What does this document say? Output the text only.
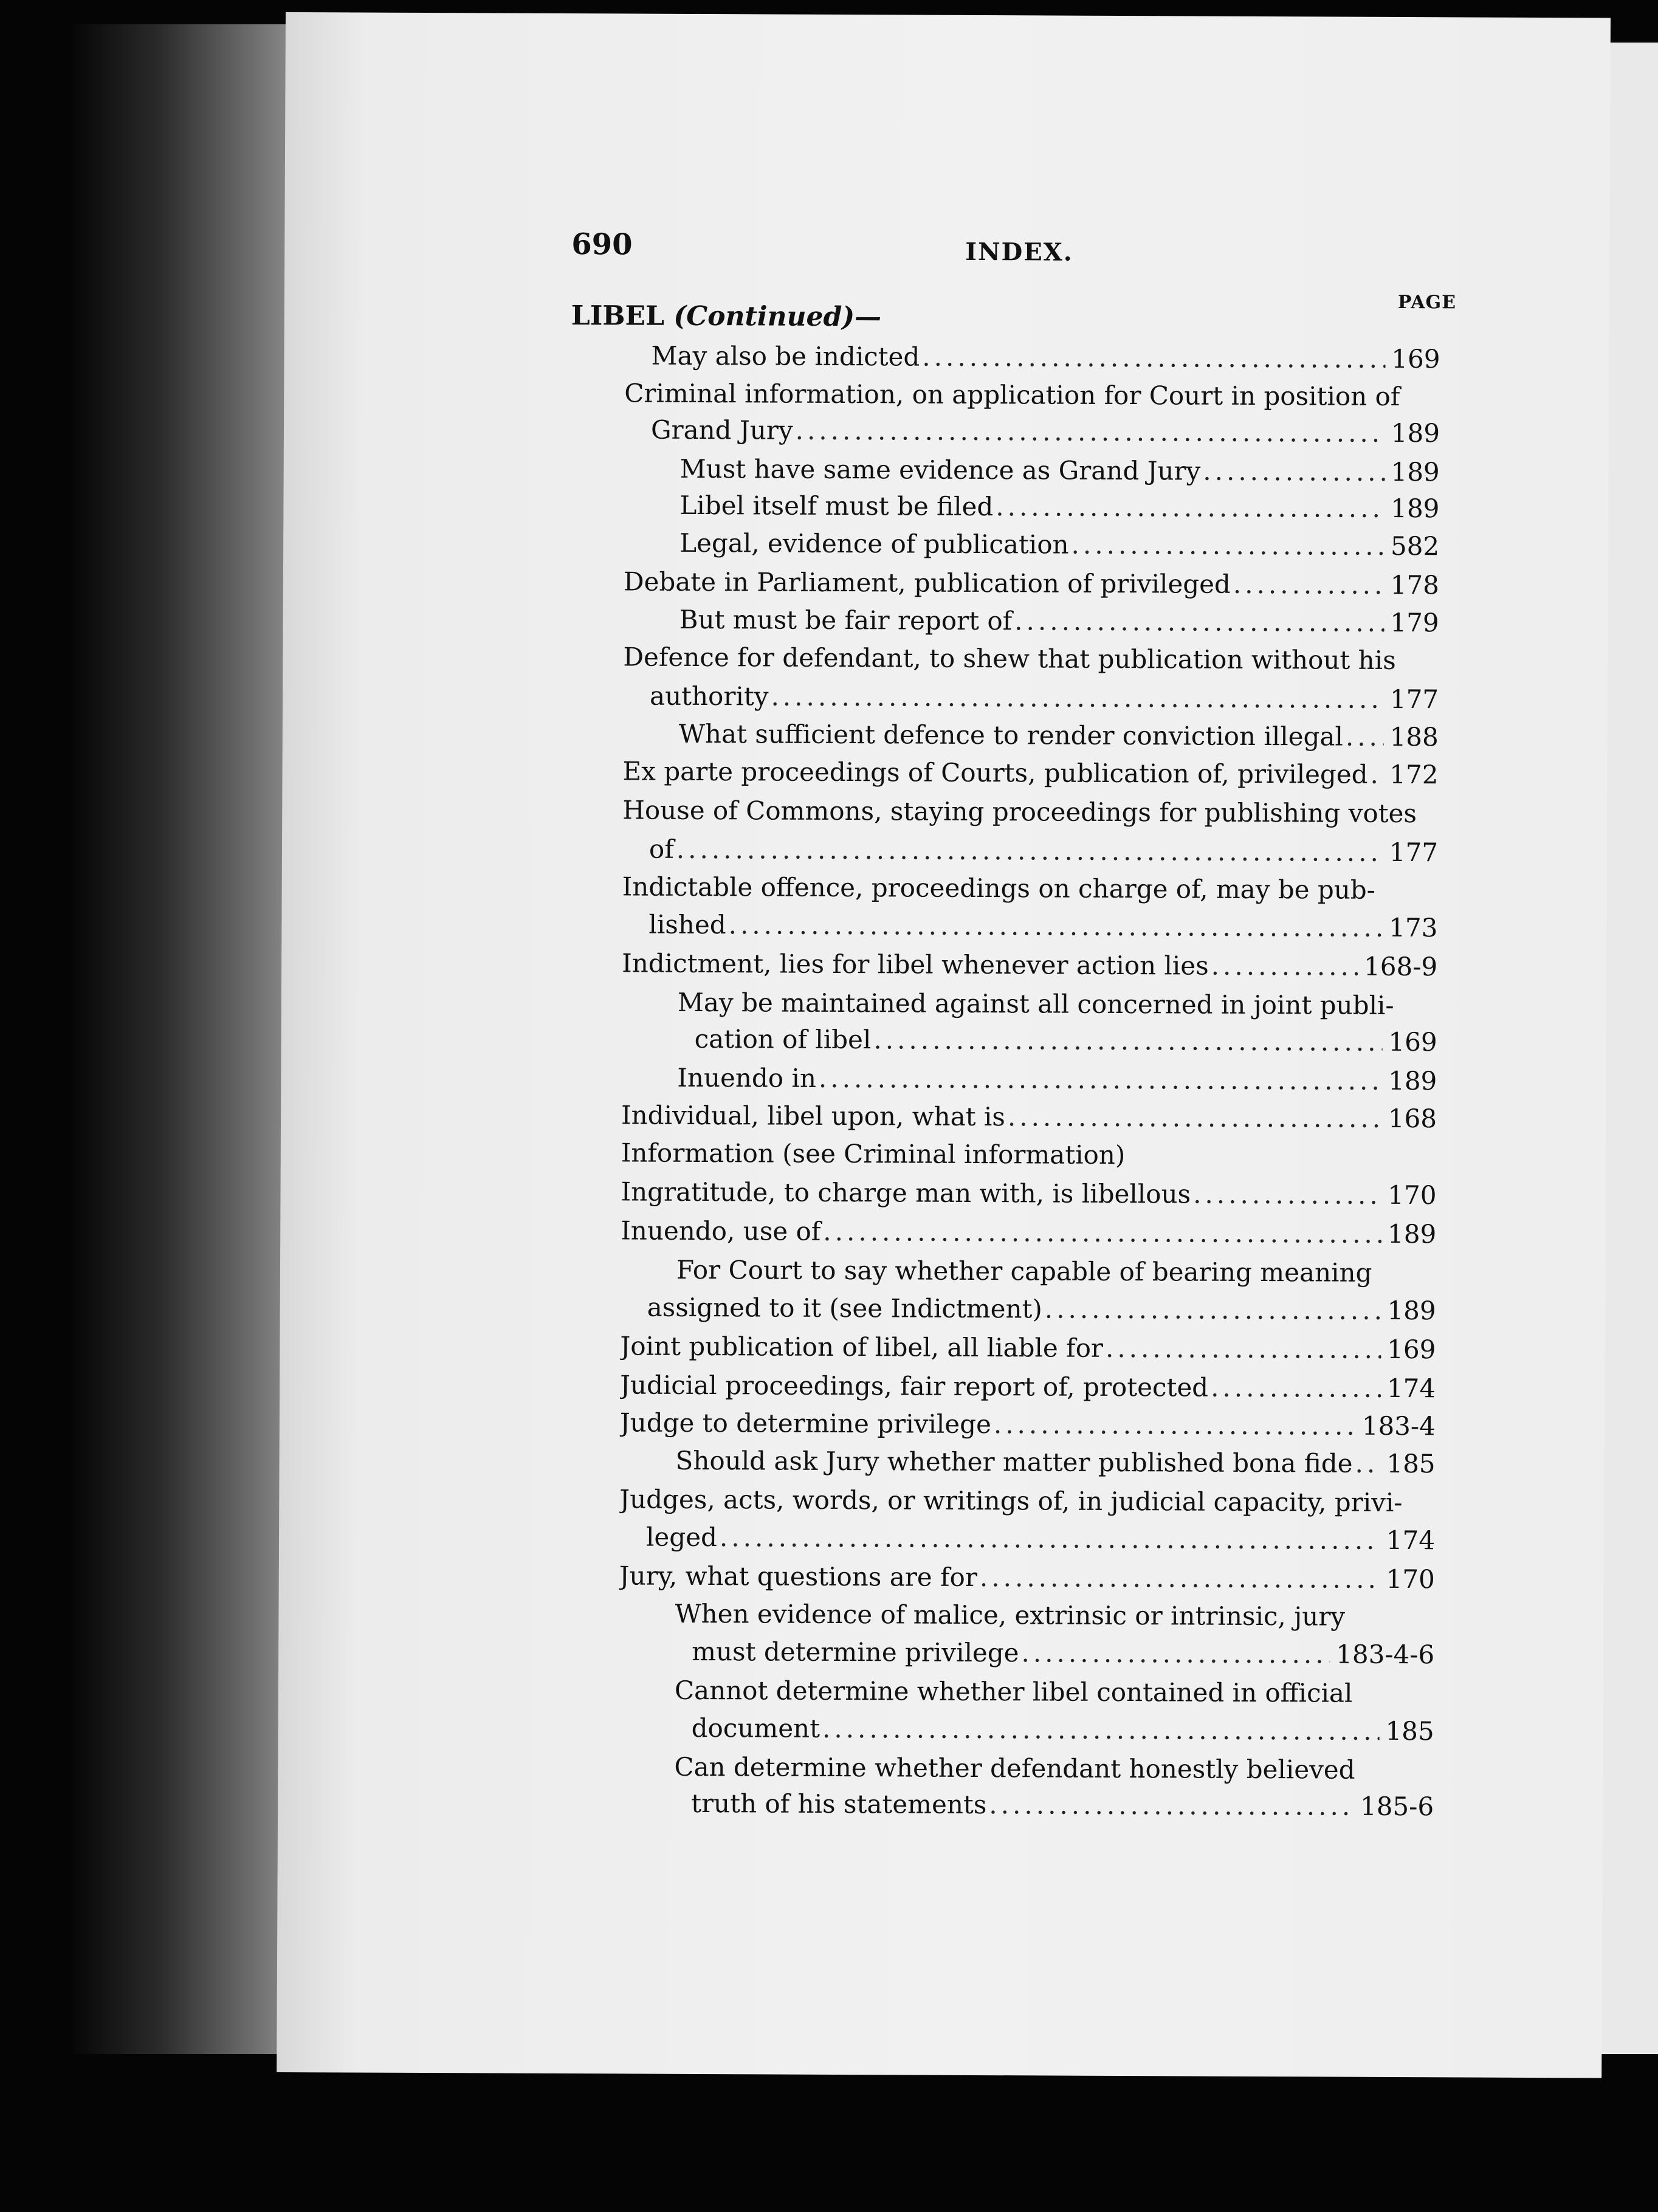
690	INDEX.
PAGE
LIBEL (Continued)—
May also be indicted .....	169
Criminal information, on application for Court in position of
Grand Jury .....	189
Must have same evidence as Grand Jury .....	189
Libel itself must be filed .....	189
Legal, evidence of publication .....	582
Debate in Parliament, publication of privileged .....	178
But must be fair report of .....	179
Defence for defendant, to shew that publication without his
authority .....	177
What sufficient defence to render conviction illegal ..... 188
Ex parte proceedings of Courts, publication of, privileged ..... 172
House of Commons, staying proceedings for publishing votes
of .....	177
Indictable offence, proceedings on charge of, may be pub-
lished .....	173
Indictment, lies for libel whenever action lies .....	168-9
May be maintained against all concerned in joint publi-
cation of libel .....	169
Inuendo in .....	189
Individual, libel upon, what is .....	168
Information (see Criminal information)
Ingratitude, to charge man with, is libellous .....	170
Inuendo, use of .....	189
For Court to say whether capable of bearing meaning
assigned to it (see Indictment) .....	189
Joint publication of libel, all liable for .....	169
Judicial proceedings, fair report of, protected .....	174
Judge to determine privilege .....	183-4
Should ask Jury whether matter published bona fide ..... 185
Judges, acts, words, or writings of, in judicial capacity, privi-
leged .....	174
Jury, what questions are for .....	170
When evidence of malice, extrinsic or intrinsic, jury
must determine privilege .....	183-4-6
Cannot determine whether libel contained in official
document .....	185
Can determine whether defendant honestly believed
truth of his statements .....	185-6
